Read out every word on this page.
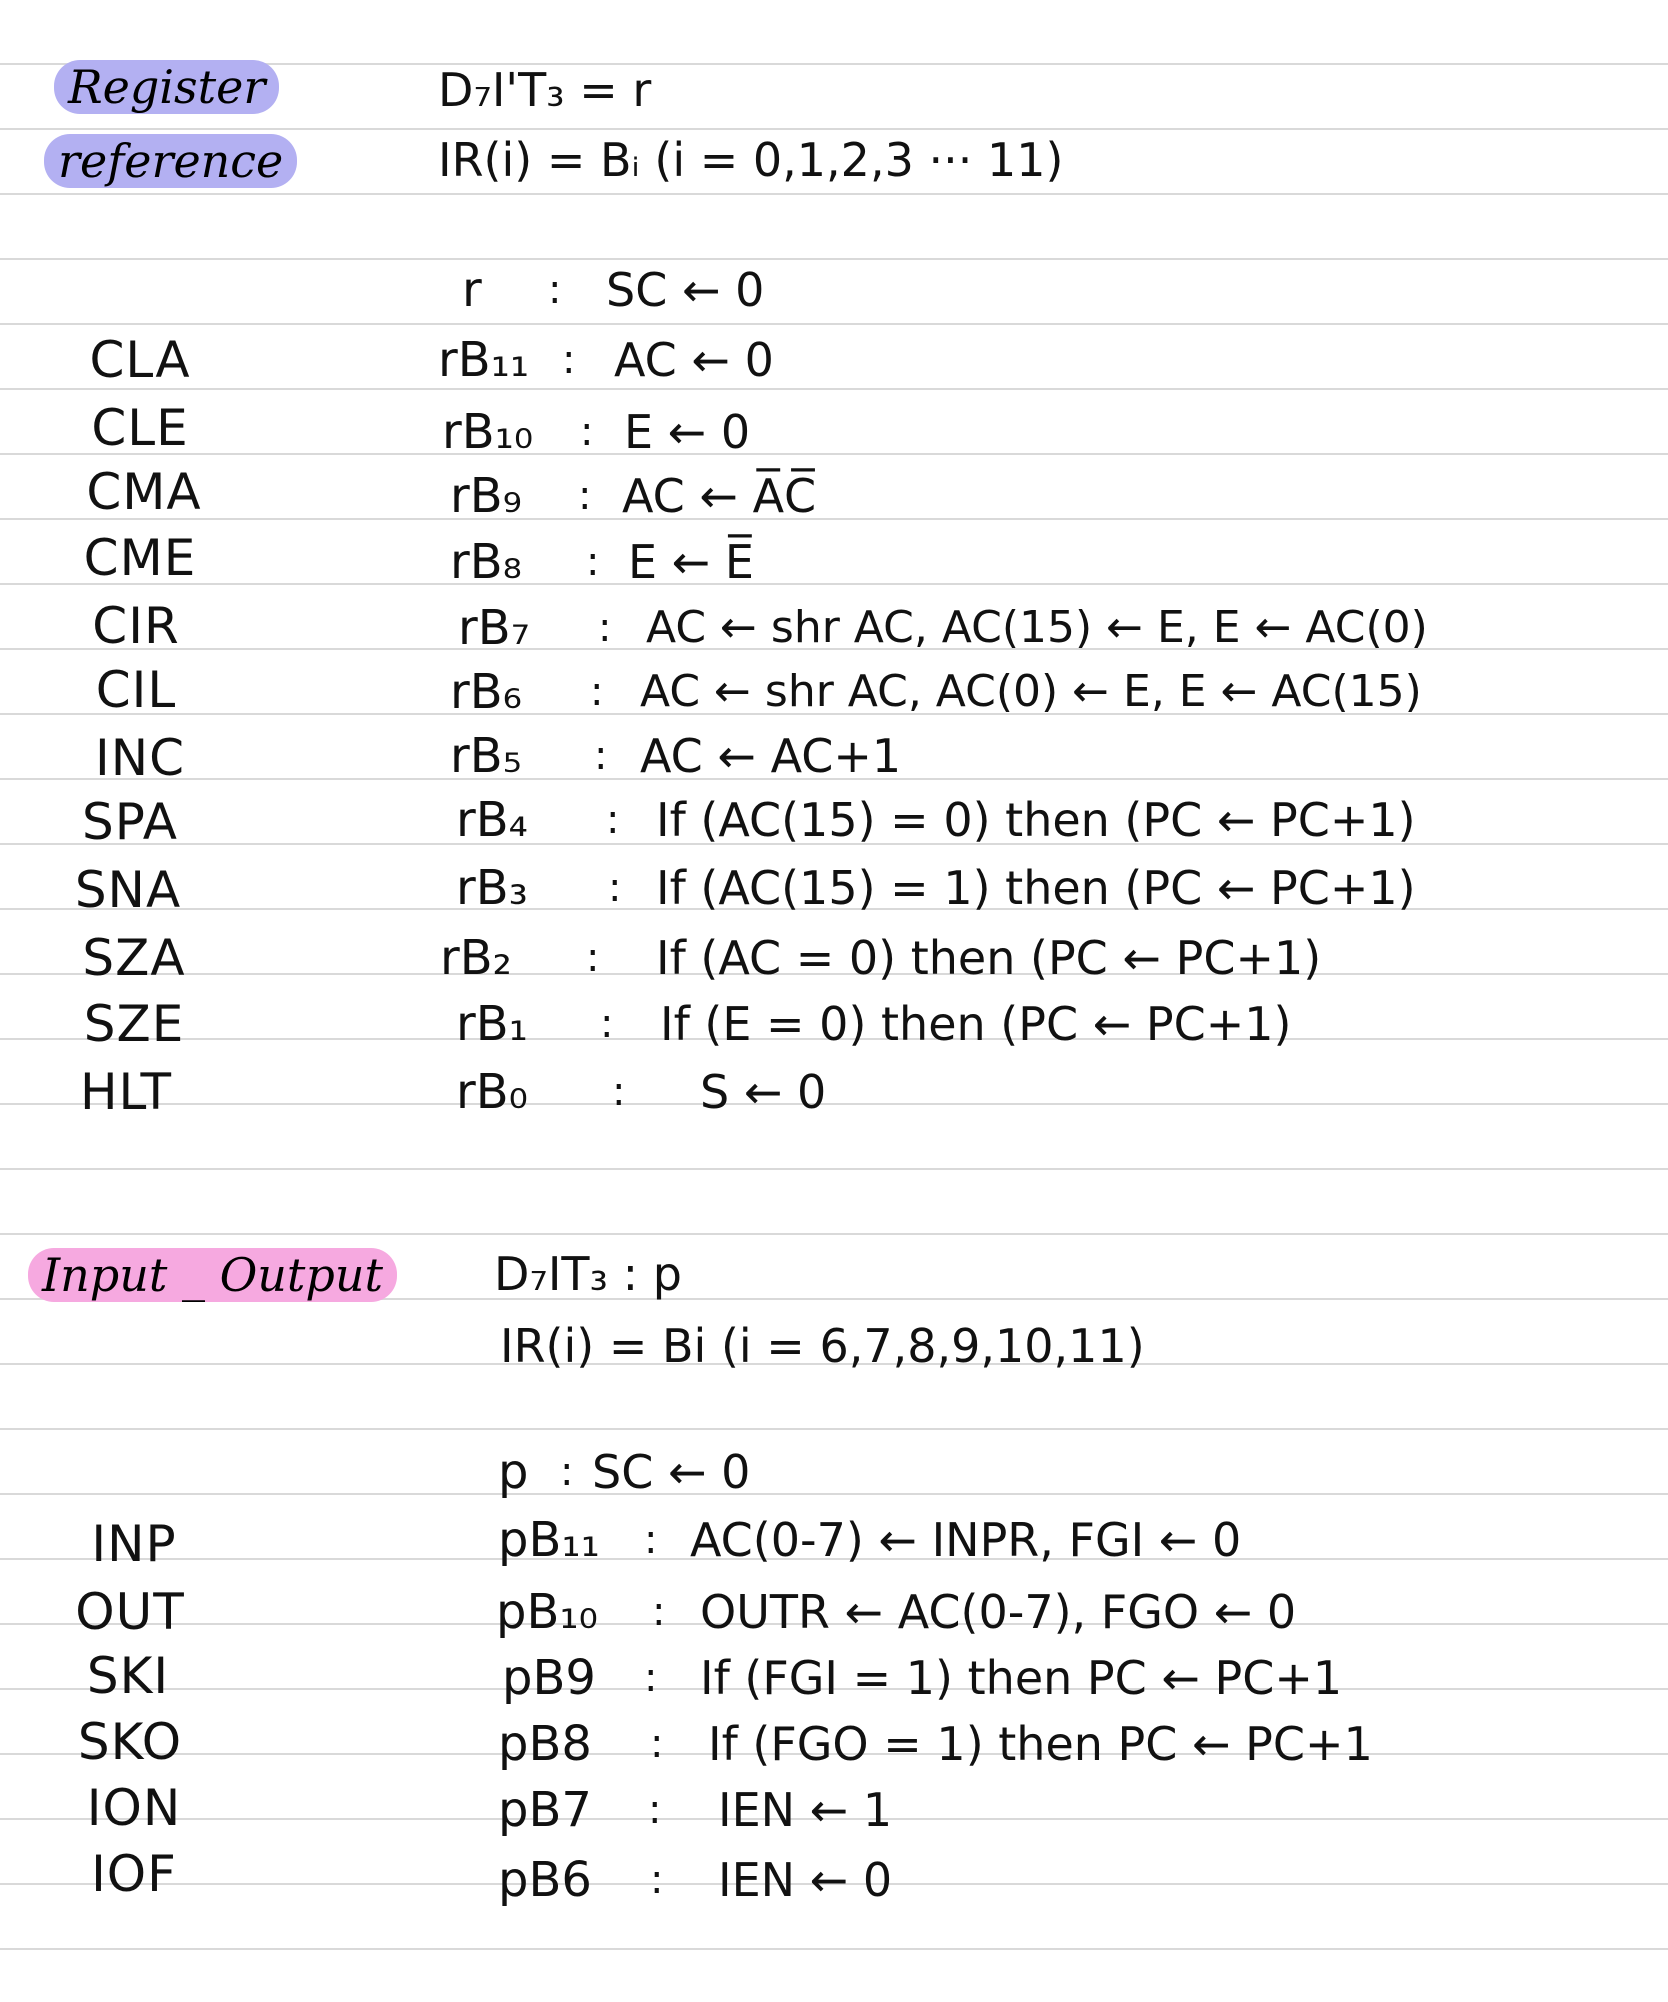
Register
reference
D₇I'T₃ = r
IR(i) = Bᵢ (i = 0,1,2,3 ··· 11)
r : SC ← 0
CLA	rB₁₁ : AC ← 0
CLE	rB₁₀ : E ← 0
CMA	rB₉ : AC ← A̅C̅
CME	rB₈ : E ← E̅
CIR	rB₇ : AC ← shr AC, AC(15) ← E, E ← AC(0)
CIL	rB₆ : AC ← shr AC, AC(0) ← E, E ← AC(15)
INC	rB₅ : AC ← AC+1
SPA	rB₄ : If (AC(15) = 0) then (PC ← PC+1)
SNA	rB₃ : If (AC(15) = 1) then (PC ← PC+1)
SZA	rB₂ : If (AC = 0) then (PC ← PC+1)
SZE	rB₁ : If (E = 0) then (PC ← PC+1)
HLT	rB₀ : S ← 0
Input _ Output	D₇IT₃ : p
IR(i) = Bi (i = 6,7,8,9,10,11)
p : SC ← 0
INP	pB₁₁ : AC(0-7) ← INPR, FGI ← 0
OUT	pB₁₀ : OUTR ← AC(0-7), FGO ← 0
SKI	pB9 : If (FGI = 1) then PC ← PC+1
SKO	pB8 : If (FGO = 1) then PC ← PC+1
ION	pB7 : IEN ← 1
IOF	pB6 : IEN ← 0
